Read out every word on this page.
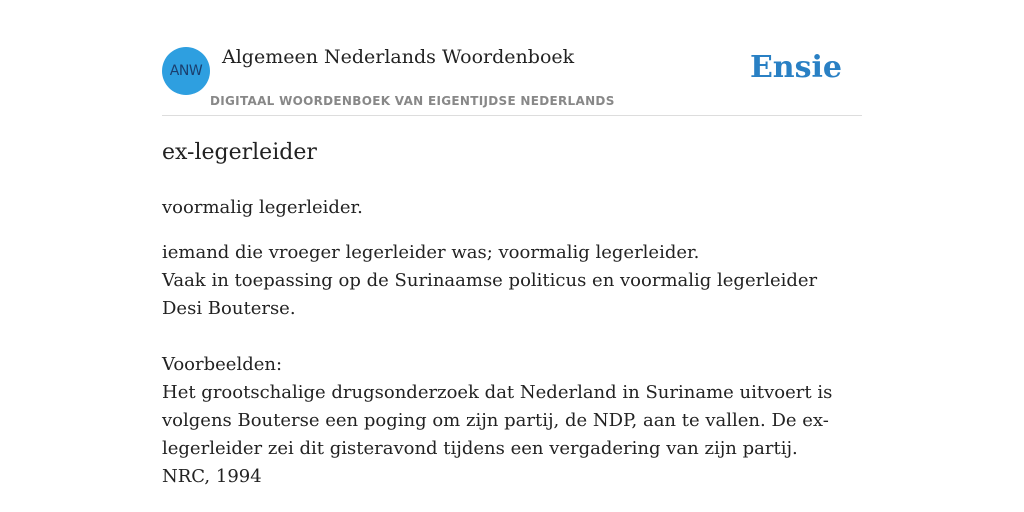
ANW
Algemeen Nederlands Woordenboek
DIGITAAL WOORDENBOEK VAN EIGENTIJDSE NEDERLANDS
Ensie
ex-legerleider

voormalig legerleider.

iemand die vroeger legerleider was; voormalig legerleider.

Vaak in toepassing op de Surinaamse politicus en voormalig legerleider Desi Bouterse.

Voorbeelden:

Het grootschalige drugsonderzoek dat Nederland in Suriname uitvoert is volgens Bouterse een poging om zijn partij, de NDP, aan te vallen. De ex-legerleider zei dit gisteravond tijdens een vergadering van zijn partij.

NRC, 1994
